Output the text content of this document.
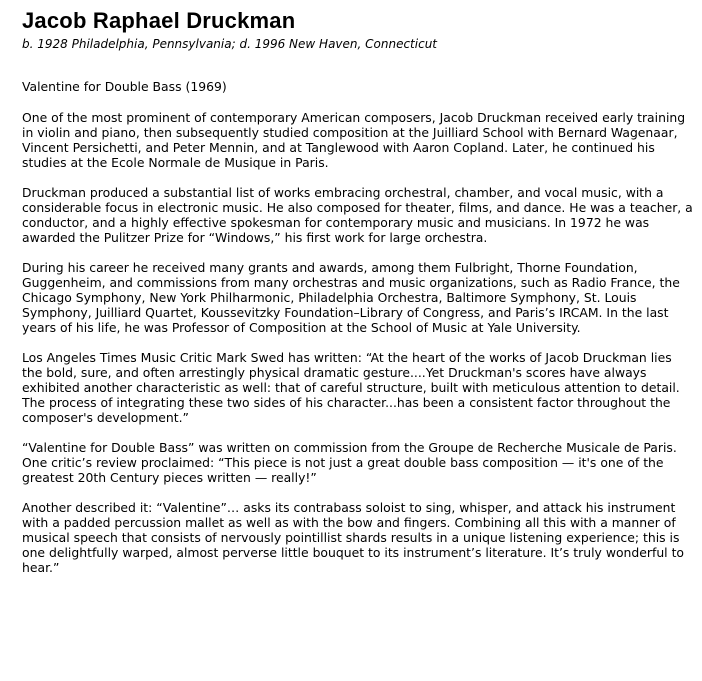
Jacob Raphael Druckman

b. 1928 Philadelphia, Pennsylvania; d. 1996 New Haven, Connecticut

Valentine for Double Bass (1969)

One of the most prominent of contemporary American composers, Jacob Druckman received early training in violin and piano, then subsequently studied composition at the Juilliard School with Bernard Wagenaar, Vincent Persichetti, and Peter Mennin, and at Tanglewood with Aaron Copland. Later, he continued his studies at the Ecole Normale de Musique in Paris.

Druckman produced a substantial list of works embracing orchestral, chamber, and vocal music, with a considerable focus in electronic music. He also composed for theater, films, and dance. He was a teacher, a conductor, and a highly effective spokesman for contemporary music and musicians. In 1972 he was awarded the Pulitzer Prize for “Windows,” his first work for large orchestra.

During his career he received many grants and awards, among them Fulbright, Thorne Foundation, Guggenheim, and commissions from many orchestras and music organizations, such as Radio France, the Chicago Symphony, New York Philharmonic, Philadelphia Orchestra, Baltimore Symphony, St. Louis Symphony, Juilliard Quartet, Koussevitzky Foundation–Library of Congress, and Paris’s IRCAM. In the last years of his life, he was Professor of Composition at the School of Music at Yale University.

Los Angeles Times Music Critic Mark Swed has written: “At the heart of the works of Jacob Druckman lies the bold, sure, and often arrestingly physical dramatic gesture....Yet Druckman's scores have always exhibited another characteristic as well: that of careful structure, built with meticulous attention to detail. The process of integrating these two sides of his character...has been a consistent factor throughout the composer's development.”

“Valentine for Double Bass” was written on commission from the Groupe de Recherche Musicale de Paris. One critic’s review proclaimed: “This piece is not just a great double bass composition — it's one of the greatest 20th Century pieces written — really!”

Another described it: “Valentine”… asks its contrabass soloist to sing, whisper, and attack his instrument with a padded percussion mallet as well as with the bow and fingers. Combining all this with a manner of musical speech that consists of nervously pointillist shards results in a unique listening experience; this is one delightfully warped, almost perverse little bouquet to its instrument’s literature. It’s truly wonderful to hear.”
